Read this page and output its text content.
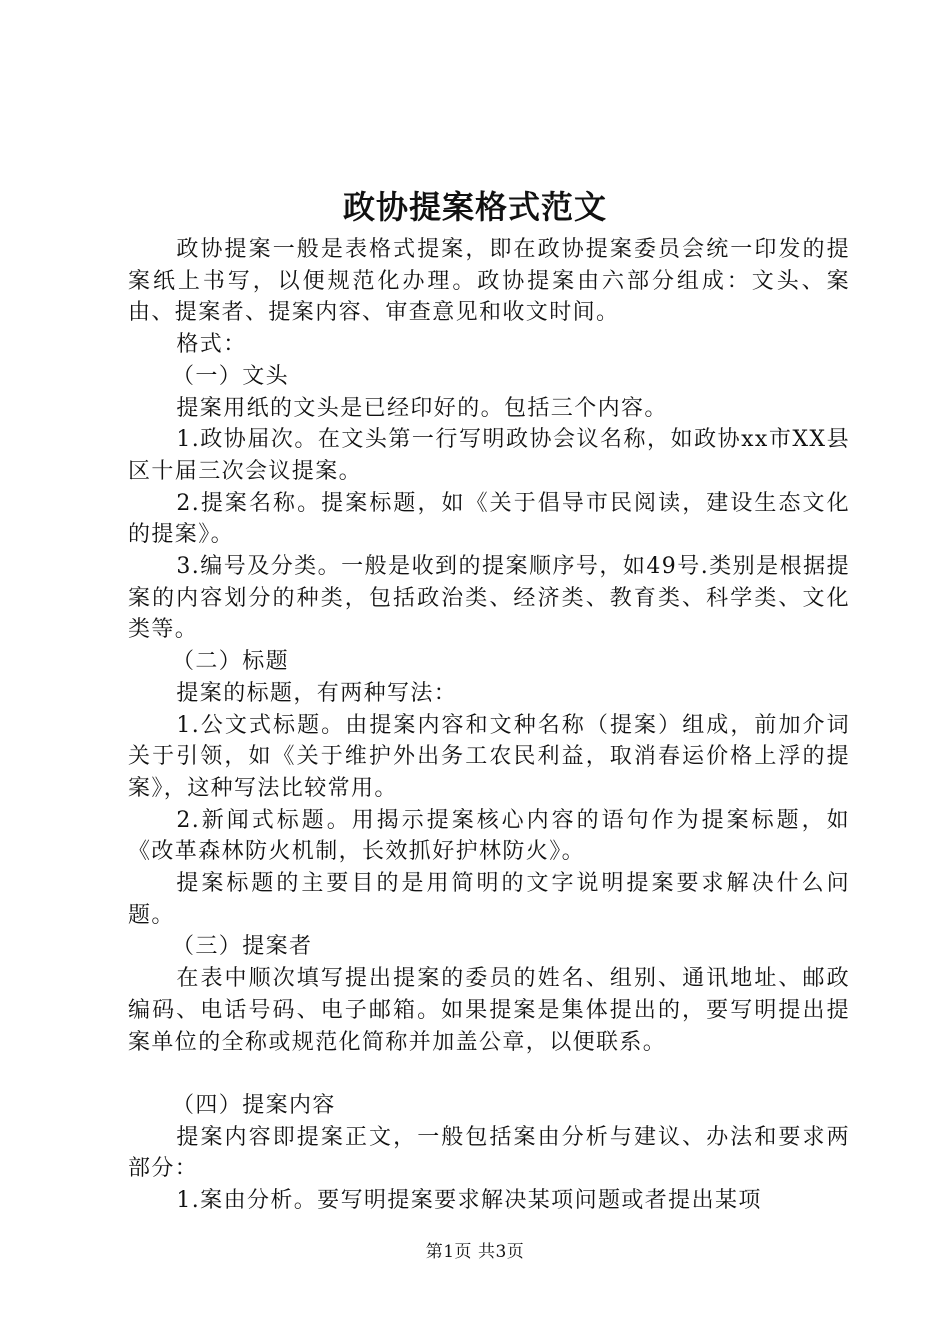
政协提案格式范文

政协提案一般是表格式提案，即在政协提案委员会统一印发的提案纸上书写，以便规范化办理。政协提案由六部分组成：文头、案由、提案者、提案内容、审查意见和收文时间。

格式：

（一）文头

提案用纸的文头是已经印好的。包括三个内容。

1.政协届次。在文头第一行写明政协会议名称，如政协xx市XX县区十届三次会议提案。

2.提案名称。提案标题，如《关于倡导市民阅读，建设生态文化的提案》。

3.编号及分类。一般是收到的提案顺序号，如49号.类别是根据提案的内容划分的种类，包括政治类、经济类、教育类、科学类、文化类等。

（二）标题

提案的标题，有两种写法：

1.公文式标题。由提案内容和文种名称（提案）组成，前加介词关于引领，如《关于维护外出务工农民利益，取消春运价格上浮的提案》，这种写法比较常用。

2.新闻式标题。用揭示提案核心内容的语句作为提案标题，如《改革森林防火机制，长效抓好护林防火》。

提案标题的主要目的是用简明的文字说明提案要求解决什么问题。

（三）提案者

在表中顺次填写提出提案的委员的姓名、组别、通讯地址、邮政编码、电话号码、电子邮箱。如果提案是集体提出的，要写明提出提案单位的全称或规范化简称并加盖公章，以便联系。

（四）提案内容

提案内容即提案正文，一般包括案由分析与建议、办法和要求两部分：

1.案由分析。要写明提案要求解决某项问题或者提出某项

第1页 共3页
